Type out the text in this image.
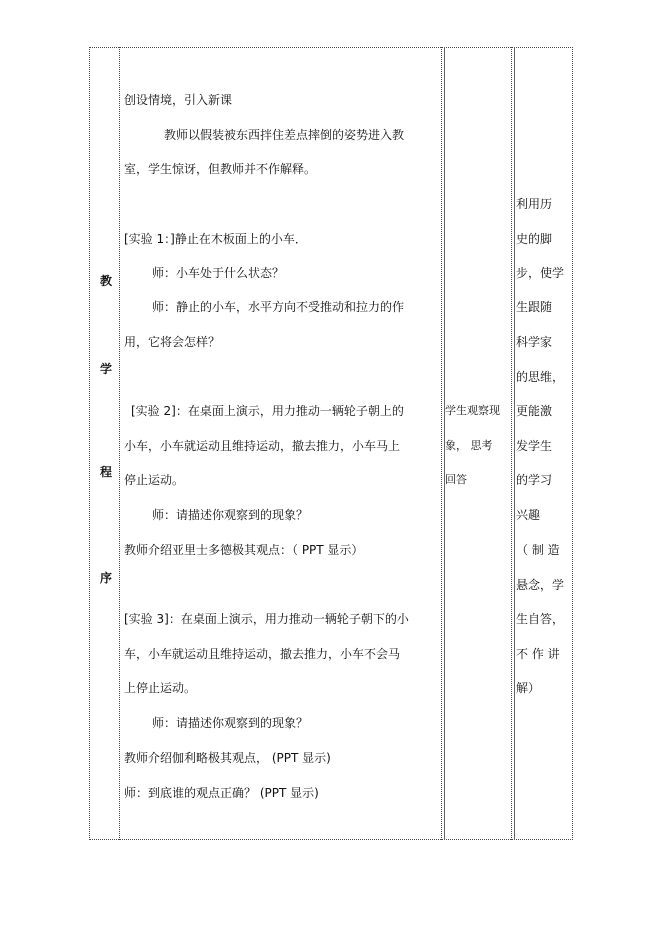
教
学
程
序
创设情境，引入新课
教师以假装被东西拌住差点摔倒的姿势进入教
室，学生惊讶，但教师并不作解释。
[实验 1：]静止在木板面上的小车．
师：小车处于什么状态？
师：静止的小车，水平方向不受推动和拉力的作
用，它将会怎样？
[实验 2]：在桌面上演示，用力推动一辆轮子朝上的
小车，小车就运动且维持运动，撤去推力，小车马上
停止运动。
师：请描述你观察到的现象？
教师介绍亚里士多德极其观点：（ PPT 显示）
[实验 3]：在桌面上演示，用力推动一辆轮子朝下的小
车，小车就运动且维持运动，撤去推力，小车不会马
上停止运动。
师：请描述你观察到的现象？
教师介绍伽利略极其观点， (PPT 显示)
师：到底谁的观点正确？ (PPT 显示)
学生观察现
象， 思考
回答
利用历
史的脚
步，使学
生跟随
科学家
的思维，
更能激
发学生
的学习
兴趣
（ 制 造
悬念，学
生自答，
不 作 讲
解）
